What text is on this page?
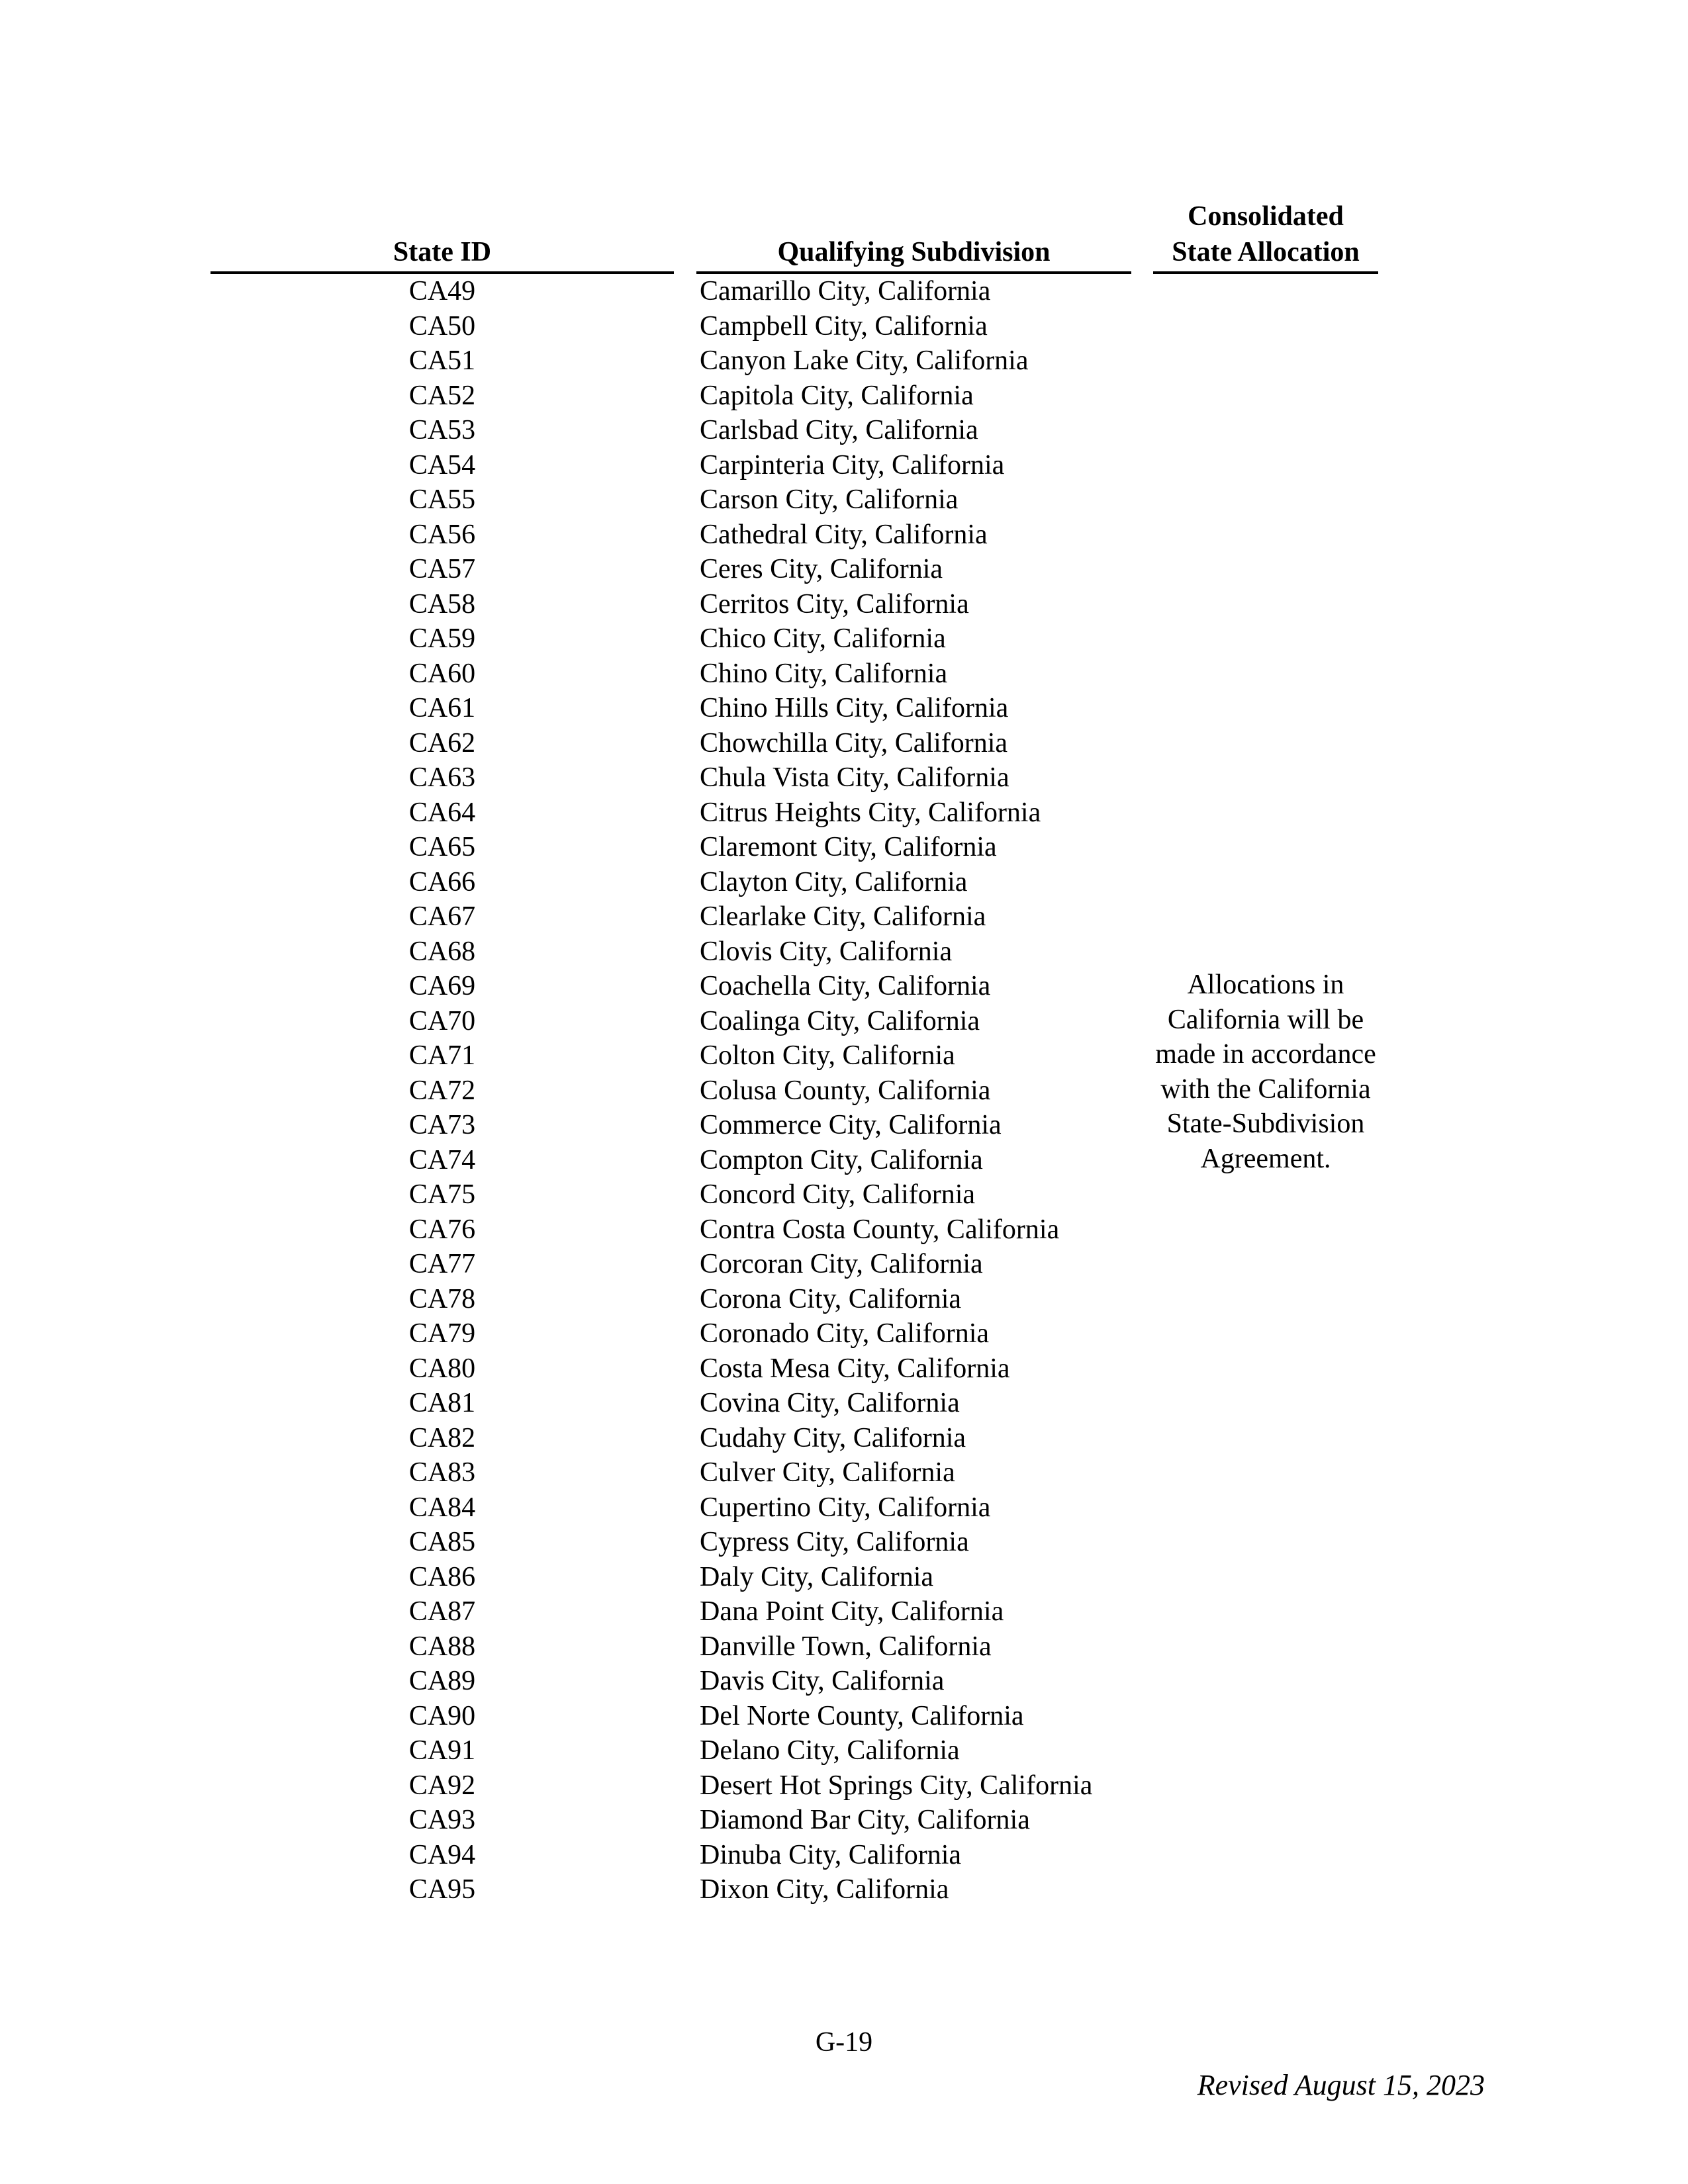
State ID	Qualifying Subdivision
Consolidated
State Allocation
CA49	Camarillo City, California
CA50	Campbell City, California
CA51	Canyon Lake City, California
CA52	Capitola City, California
CA53	Carlsbad City, California
CA54	Carpinteria City, California
CA55	Carson City, California
CA56	Cathedral City, California
CA57	Ceres City, California
CA58	Cerritos City, California
CA59	Chico City, California
CA60	Chino City, California
CA61	Chino Hills City, California
CA62	Chowchilla City, California
CA63	Chula Vista City, California
CA64	Citrus Heights City, California
CA65	Claremont City, California
CA66	Clayton City, California
CA67	Clearlake City, California
CA68	Clovis City, California
CA69	Coachella City, California
CA70	Coalinga City, California
CA71	Colton City, California
CA72	Colusa County, California
CA73	Commerce City, California
CA74	Compton City, California
CA75	Concord City, California
CA76	Contra Costa County, California
CA77	Corcoran City, California
CA78	Corona City, California
CA79	Coronado City, California
CA80	Costa Mesa City, California
CA81	Covina City, California
CA82	Cudahy City, California
CA83	Culver City, California
CA84	Cupertino City, California
CA85	Cypress City, California
CA86	Daly City, California
CA87	Dana Point City, California
CA88	Danville Town, California
CA89	Davis City, California
CA90	Del Norte County, California
CA91	Delano City, California
CA92	Desert Hot Springs City, California
CA93	Diamond Bar City, California
CA94	Dinuba City, California
CA95	Dixon City, California
Allocations in California will be made in accordance with the California State-Subdivision Agreement.
G-19
Revised August 15, 2023
